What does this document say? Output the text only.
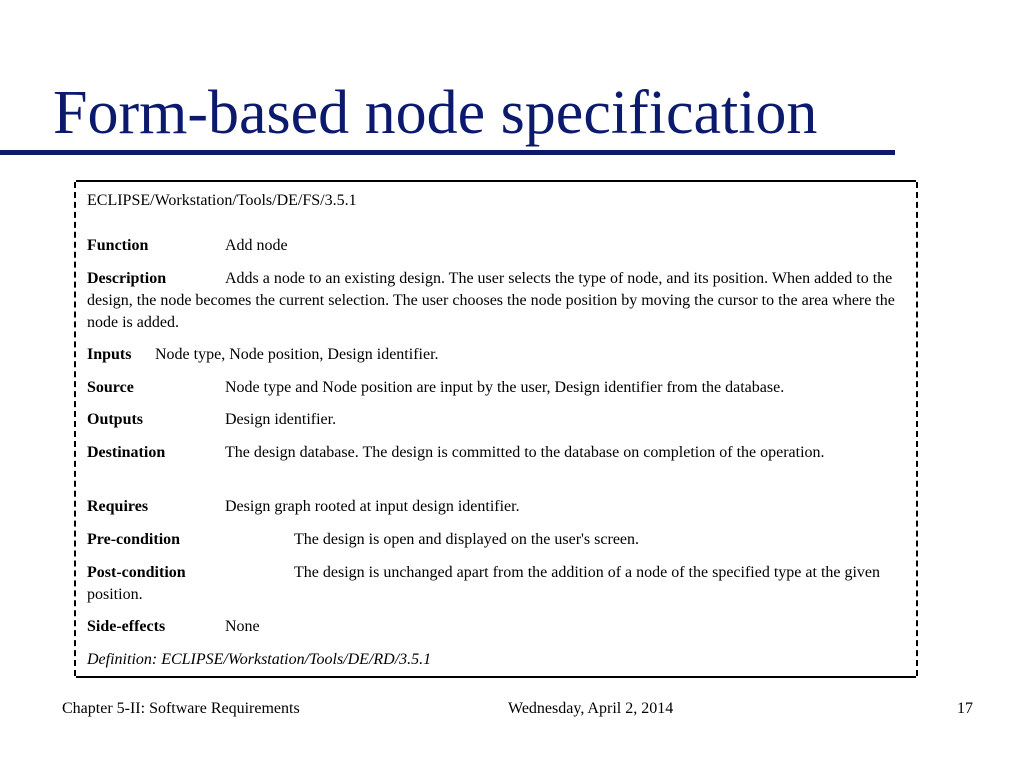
Form-based node specification
ECLIPSE/Workstation/Tools/DE/FS/3.5.1
Function	Add node
Description	Adds a node to an existing design. The user selects the type of node, and its position. When added to the design, the node becomes the current selection. The user chooses the node position by moving the cursor to the area where the node is added.
Inputs Node type, Node position, Design identifier.
Source	Node type and Node position are input by the user, Design identifier from the database.
Outputs	Design identifier.
Destination	The design database. The design is committed to the database on completion of the operation.
Requires	Design graph rooted at input design identifier.
Pre-condition	The design is open and displayed on the user's screen.
Post-condition	The design is unchanged apart from the addition of a node of the specified type at the given position.
Side-effects	None
Definition: ECLIPSE/Workstation/Tools/DE/RD/3.5.1
Chapter 5-II: Software Requirements	Wednesday, April 2, 2014	17
